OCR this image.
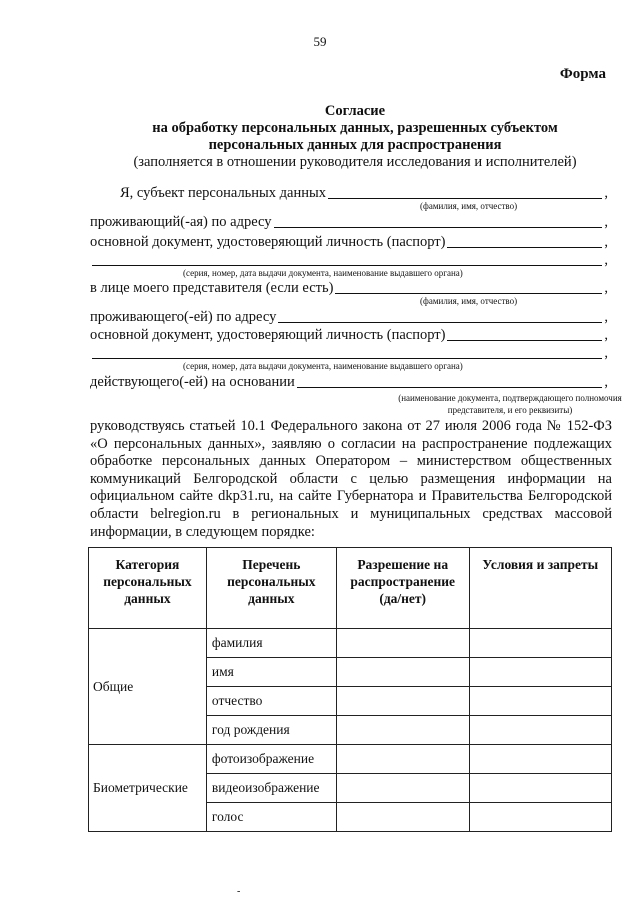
59
Форма
Согласие
на обработку персональных данных, разрешенных субъектом
персональных данных для распространения
(заполняется в отношении руководителя исследования и исполнителей)
Я, субъект персональных данных	,
(фамилия, имя, отчество)
проживающий(-ая) по адресу	,
основной документ, удостоверяющий личность (паспорт)	,
,
(серия, номер, дата выдачи документа, наименование выдавшего органа)
в лице моего представителя (если есть)	,
(фамилия, имя, отчество)
проживающего(-ей) по адресу	,
основной документ, удостоверяющий личность (паспорт)	,
,
(серия, номер, дата выдачи документа, наименование выдавшего органа)
действующего(-ей) на основании	,
(наименование документа, подтверждающего полномочия представителя, и его реквизиты)
руководствуясь статьей 10.1 Федерального закона от 27 июля 2006 года № 152-ФЗ «О персональных данных», заявляю о согласии на распространение подлежащих обработке персональных данных Оператором – министерством общественных коммуникаций Белгородской области с целью размещения информации на официальном сайте dkp31.ru, на сайте Губернатора и Правительства Белгородской области belregion.ru в региональных и муниципальных средствах массовой информации, в следующем порядке:
Категория персональных данных	Перечень персональных данных	Разрешение на распространение (да/нет)	Условия и запреты
Общие	фамилия		
	имя		
	отчество		
	год рождения		
Биометрические	фотоизображение		
	видеоизображение		
	голос		
-
